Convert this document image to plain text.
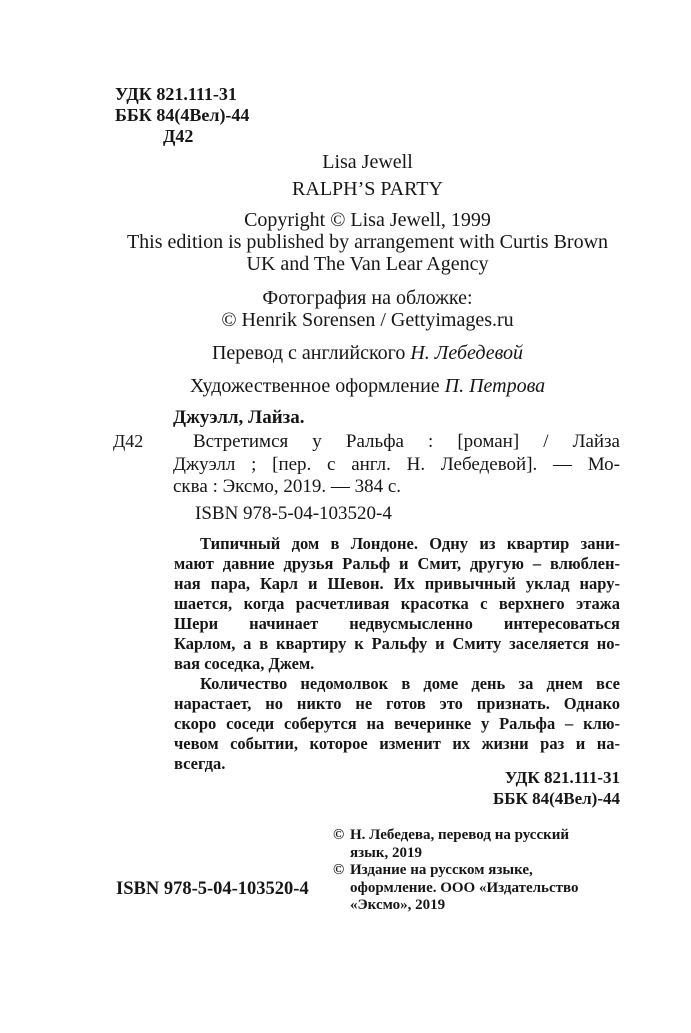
УДК 821.111-31
ББК 84(4Вел)-44
Д42
Lisa Jewell
RALPH’S PARTY
Copyright © Lisa Jewell, 1999
This edition is published by arrangement with Curtis Brown
UK and The Van Lear Agency
Фотография на обложке:
© Henrik Sorensen / Gettyimages.ru
Перевод с английского Н. Лебедевой
Художественное оформление П. Петрова
Джуэлл, Лайза.
Д42	Встретимся у Ральфа : [роман] / Лайза
Джуэлл ; [пер. с англ. Н. Лебедевой]. — Мо-
сква : Эксмо, 2019. — 384 с.
ISBN 978-5-04-103520-4
Типичный дом в Лондоне. Одну из квартир зани-
мают давние друзья Ральф и Смит, другую – влюблен-
ная пара, Карл и Шевон. Их привычный уклад нару-
шается, когда расчетливая красотка с верхнего этажа
Шери начинает недвусмысленно интересоваться
Карлом, а в квартиру к Ральфу и Смиту заселяется но-
вая соседка, Джем.
Количество недомолвок в доме день за днем все
нарастает, но никто не готов это признать. Однако
скоро соседи соберутся на вечеринке у Ральфа – клю-
чевом событии, которое изменит их жизни раз и на-
всегда.
УДК 821.111-31
ББК 84(4Вел)-44
© Н. Лебедева, перевод на русский
язык, 2019
© Издание на русском языке,
оформление. ООО «Издательство
«Эксмо», 2019
ISBN 978-5-04-103520-4
